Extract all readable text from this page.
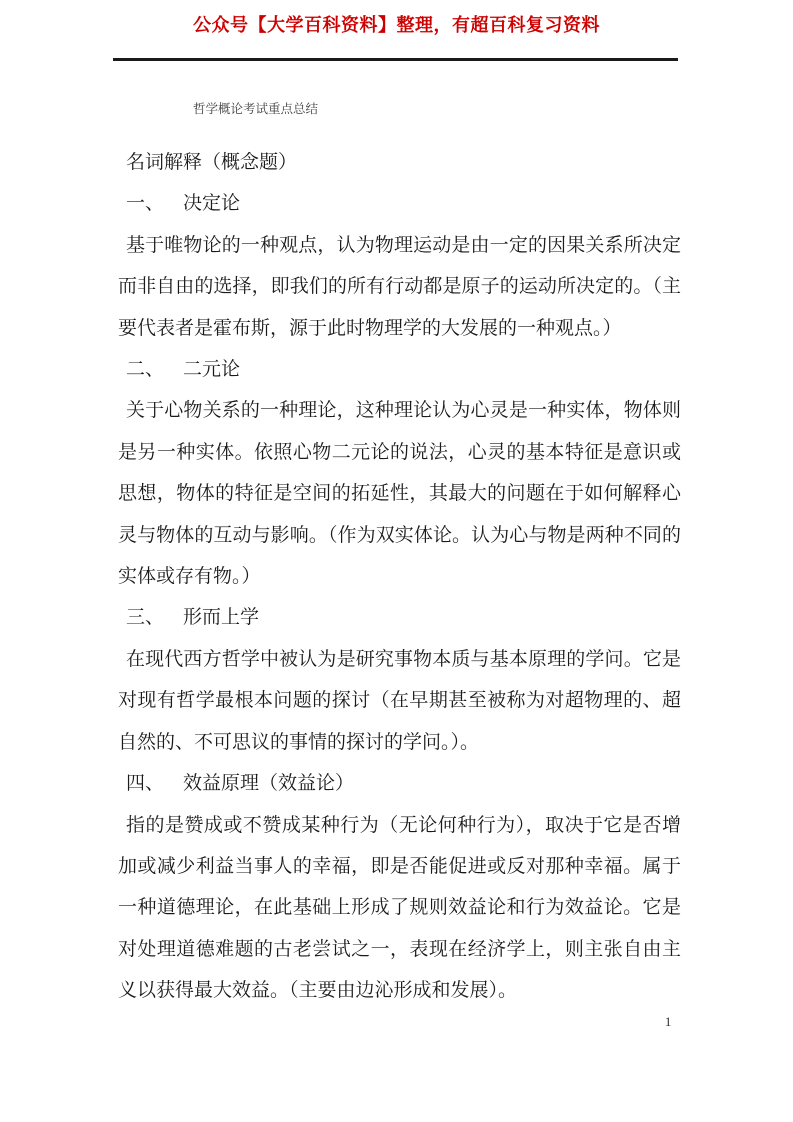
公众号【大学百科资料】整理，有超百科复习资料
哲学概论考试重点总结

名词解释（概念题）

一、 决定论

基于唯物论的一种观点，认为物理运动是由一定的因果关系所决定而非自由的选择，即我们的所有行动都是原子的运动所决定的。（主要代表者是霍布斯，源于此时物理学的大发展的一种观点。）

二、 二元论

关于心物关系的一种理论，这种理论认为心灵是一种实体，物体则是另一种实体。依照心物二元论的说法，心灵的基本特征是意识或思想，物体的特征是空间的拓延性，其最大的问题在于如何解释心灵与物体的互动与影响。（作为双实体论。认为心与物是两种不同的实体或存有物。）

三、 形而上学

在现代西方哲学中被认为是研究事物本质与基本原理的学问。它是对现有哲学最根本问题的探讨（在早期甚至被称为对超物理的、超自然的、不可思议的事情的探讨的学问。）。

四、 效益原理（效益论）

指的是赞成或不赞成某种行为（无论何种行为），取决于它是否增加或减少利益当事人的幸福，即是否能促进或反对那种幸福。属于一种道德理论，在此基础上形成了规则效益论和行为效益论。它是对处理道德难题的古老尝试之一，表现在经济学上，则主张自由主义以获得最大效益。（主要由边沁形成和发展）。

1
